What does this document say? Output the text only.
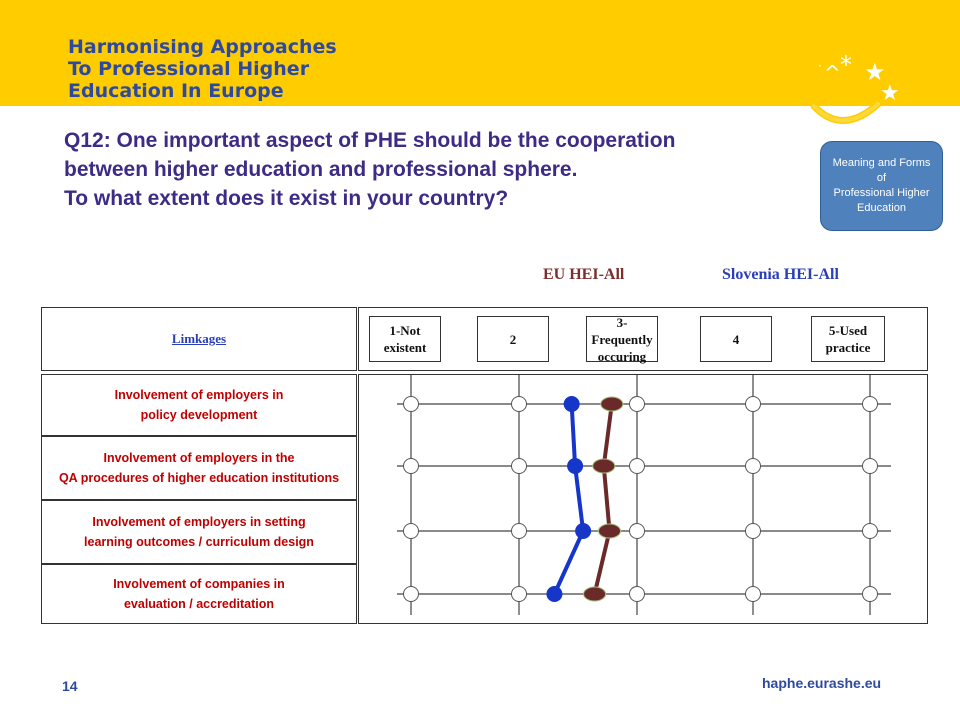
Harmonising Approaches
To Professional Higher
Education In Europe

· ^ * ★
★
Q12: One important aspect of PHE should be the cooperation
between higher education and professional sphere.
To what extent does it exist in your country?
Meaning and Forms
of
Professional Higher
Education
EU HEI-All	Slovenia HEI-All
Limkages
1-Not
existent
2
3-Frequently
occuring
4
5-Used
practice
Involvement of employers in
policy development
Involvement of employers in the
QA procedures of higher education institutions
Involvement of employers in setting
learning outcomes / curriculum design
Involvement of companies in
evaluation / accreditation
14	haphe.eurashe.eu
